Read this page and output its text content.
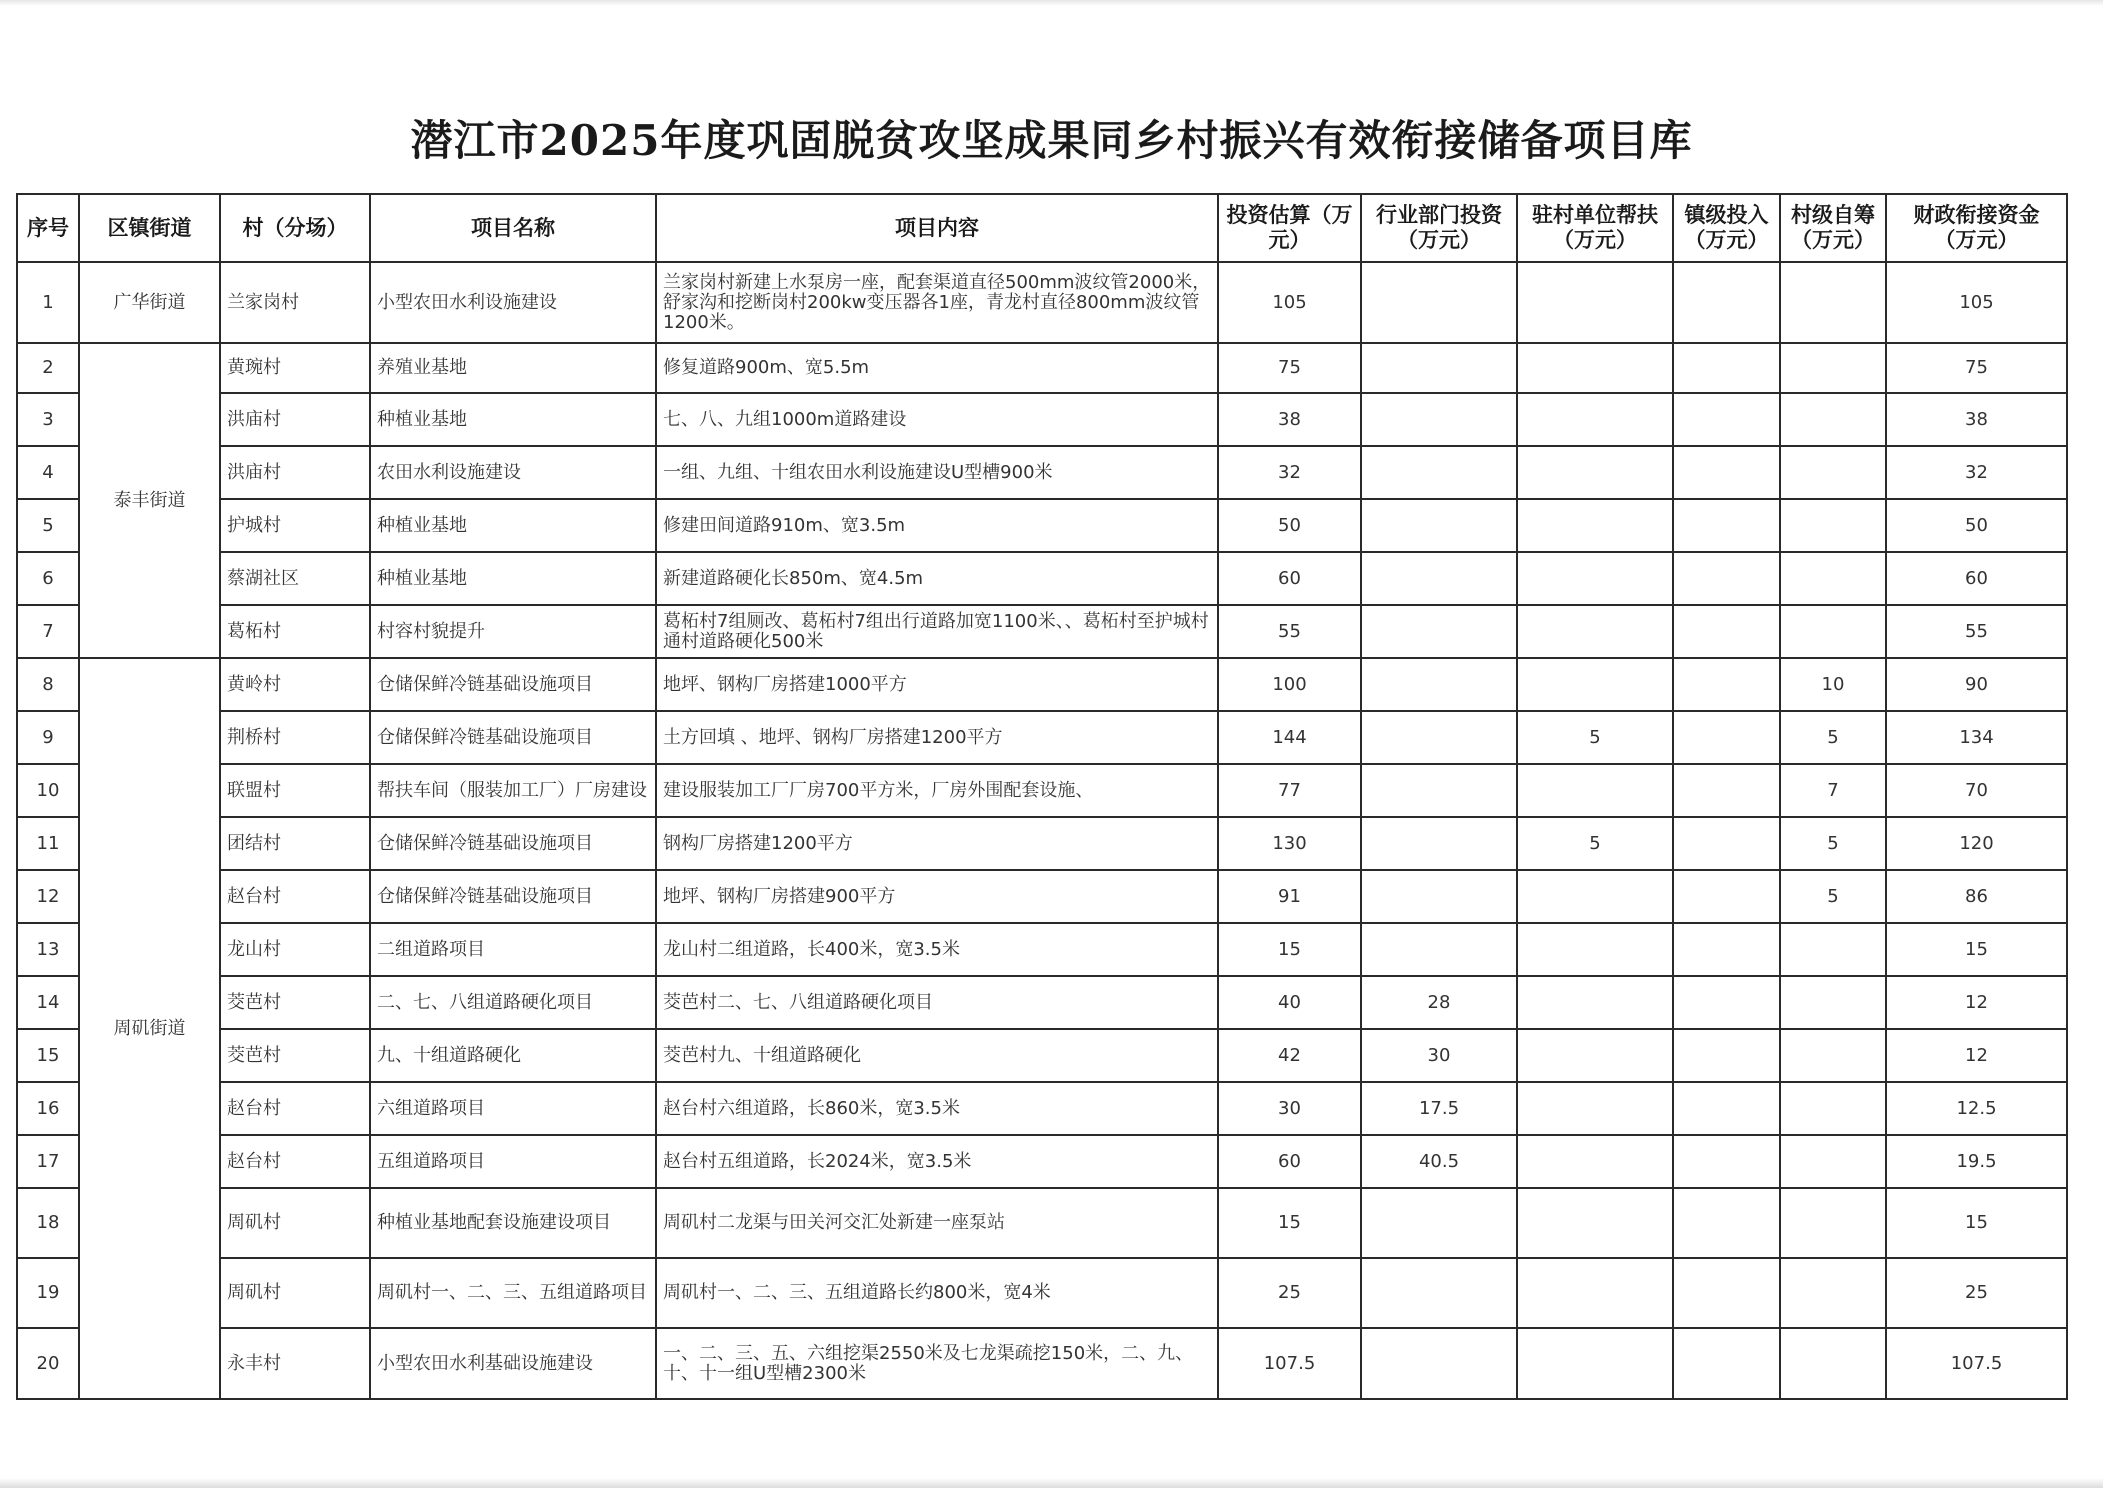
潜江市2025年度巩固脱贫攻坚成果同乡村振兴有效衔接储备项目库
序号	区镇街道	村（分场）	项目名称	项目内容	投资估算（万元）	行业部门投资（万元）	驻村单位帮扶（万元）	镇级投入（万元）	村级自筹（万元）	财政衔接资金（万元）
1	广华街道	兰家岗村	小型农田水利设施建设	兰家岗村新建上水泵房一座，配套渠道直径500mm波纹管2000米，舒家沟和挖断岗村200kw变压器各1座，青龙村直径800mm波纹管1200米。	105					105
2	泰丰街道	黄琬村	养殖业基地	修复道路900m、宽5.5m	75					75
3		洪庙村	种植业基地	七、八、九组1000m道路建设	38					38
4		洪庙村	农田水利设施建设	一组、九组、十组农田水利设施建设U型槽900米	32					32
5		护城村	种植业基地	修建田间道路910m、宽3.5m	50					50
6		蔡湖社区	种植业基地	新建道路硬化长850m、宽4.5m	60					60
7		葛柘村	村容村貌提升	葛柘村7组厕改、葛柘村7组出行道路加宽1100米、、葛柘村至护城村通村道路硬化500米	55					55
8	周矶街道	黄岭村	仓储保鲜冷链基础设施项目	地坪、钢构厂房搭建1000平方	100				10	90
9		荆桥村	仓储保鲜冷链基础设施项目	土方回填 、地坪、钢构厂房搭建1200平方	144		5		5	134
10		联盟村	帮扶车间（服装加工厂）厂房建设	建设服装加工厂厂房700平方米，厂房外围配套设施、	77				7	70
11		团结村	仓储保鲜冷链基础设施项目	钢构厂房搭建1200平方	130		5		5	120
12		赵台村	仓储保鲜冷链基础设施项目	地坪、钢构厂房搭建900平方	91				5	86
13		龙山村	二组道路项目	龙山村二组道路，长400米，宽3.5米	15					15
14		茭芭村	二、七、八组道路硬化项目	茭芭村二、七、八组道路硬化项目	40	28				12
15		茭芭村	九、十组道路硬化	茭芭村九、十组道路硬化	42	30				12
16		赵台村	六组道路项目	赵台村六组道路，长860米，宽3.5米	30	17.5				12.5
17		赵台村	五组道路项目	赵台村五组道路，长2024米，宽3.5米	60	40.5				19.5
18		周矶村	种植业基地配套设施建设项目	周矶村二龙渠与田关河交汇处新建一座泵站	15					15
19		周矶村	周矶村一、二、三、五组道路项目	周矶村一、二、三、五组道路长约800米，宽4米	25					25
20		永丰村	小型农田水利基础设施建设	一、二、三、五、六组挖渠2550米及七龙渠疏挖150米，二、九、十、十一组U型槽2300米	107.5					107.5
